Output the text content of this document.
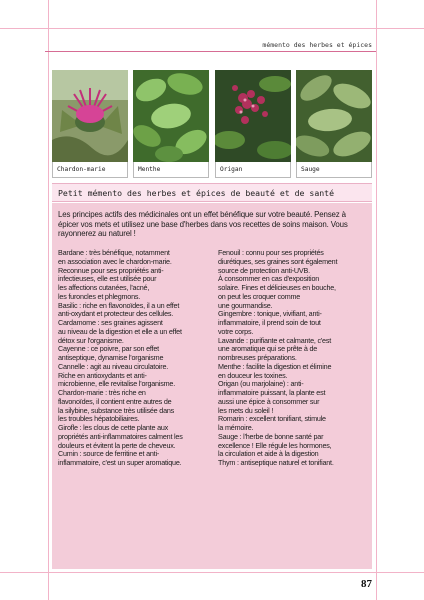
mémento des herbes et épices
Chardon-marie	Menthe	Origan	Sauge
Petit mémento des herbes et épices de beauté et de santé
Les principes actifs des médicinales ont un effet bénéfique sur votre beauté. Pensez à épicer vos mets et utilisez une base d'herbes dans vos recettes de soins maison. Vous rayonnerez au naturel !
Bardane : très bénéfique, notamment
en association avec le chardon-marie.
Reconnue pour ses propriétés anti-
infectieuses, elle est utilisée pour
les affections cutanées, l'acné,
les furoncles et phlegmons.
Basilic : riche en flavonoïdes, il a un effet
anti-oxydant et protecteur des cellules.
Cardamome : ses graines agissent
au niveau de la digestion et elle a un effet
détox sur l'organisme.
Cayenne : ce poivre, par son effet
antiseptique, dynamise l'organisme
Cannelle : agit au niveau circulatoire.
Riche en antioxydants et anti-
microbienne, elle revitalise l'organisme.
Chardon-marie : très riche en
flavonoïdes, il contient entre autres de
la silybine, substance très utilisée dans
les troubles hépatobiliaires.
Girofle : les clous de cette plante aux
propriétés anti-inflammatoires calment les
douleurs et évitent la perte de cheveux.
Cumin : source de ferritine et anti-
inflammatoire, c'est un super aromatique.
Fenouil : connu pour ses propriétés
diurétiques, ses graines sont également
source de protection anti-UVB.
À consommer en cas d'exposition
solaire. Fines et délicieuses en bouche,
on peut les croquer comme
une gourmandise.
Gingembre : tonique, vivifiant, anti-
inflammatoire, il prend soin de tout
votre corps.
Lavande : purifiante et calmante, c'est
une aromatique qui se prête à de
nombreuses préparations.
Menthe : facilite la digestion et élimine
en douceur les toxines.
Origan (ou marjolaine) : anti-
inflammatoire puissant, la plante est
aussi une épice à consommer sur
les mets du soleil !
Romarin : excellent tonifiant, stimule
la mémoire.
Sauge : l'herbe de bonne santé par
excellence ! Elle régule les hormones,
la circulation et aide à la digestion
Thym : antiseptique naturel et tonifiant.
87
